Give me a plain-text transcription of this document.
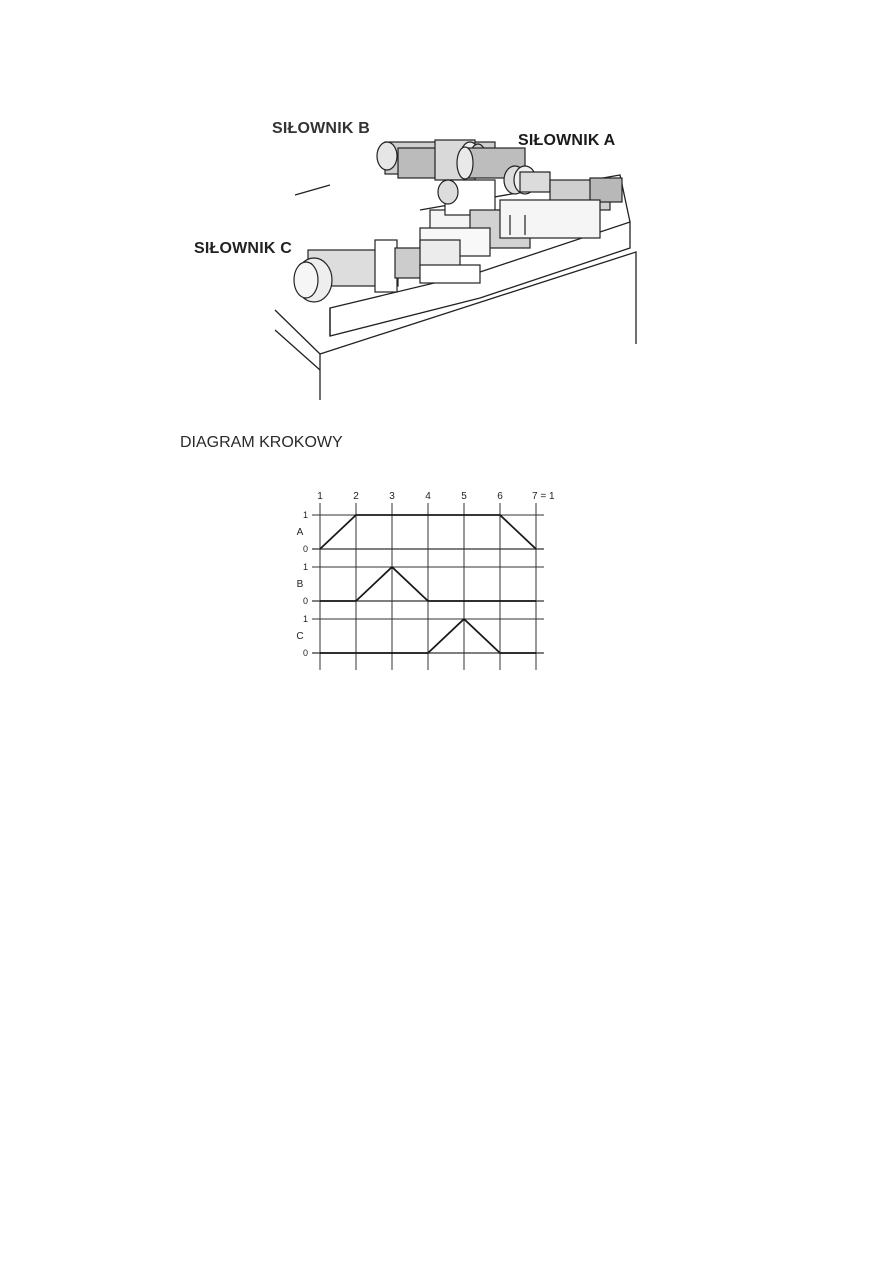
SIŁOWNIK B
SIŁOWNIK A
SIŁOWNIK C
DIAGRAM KROKOWY
1	2	3	4	5	6	7 = 1
1
0
A
1
0
B
1
0
C
